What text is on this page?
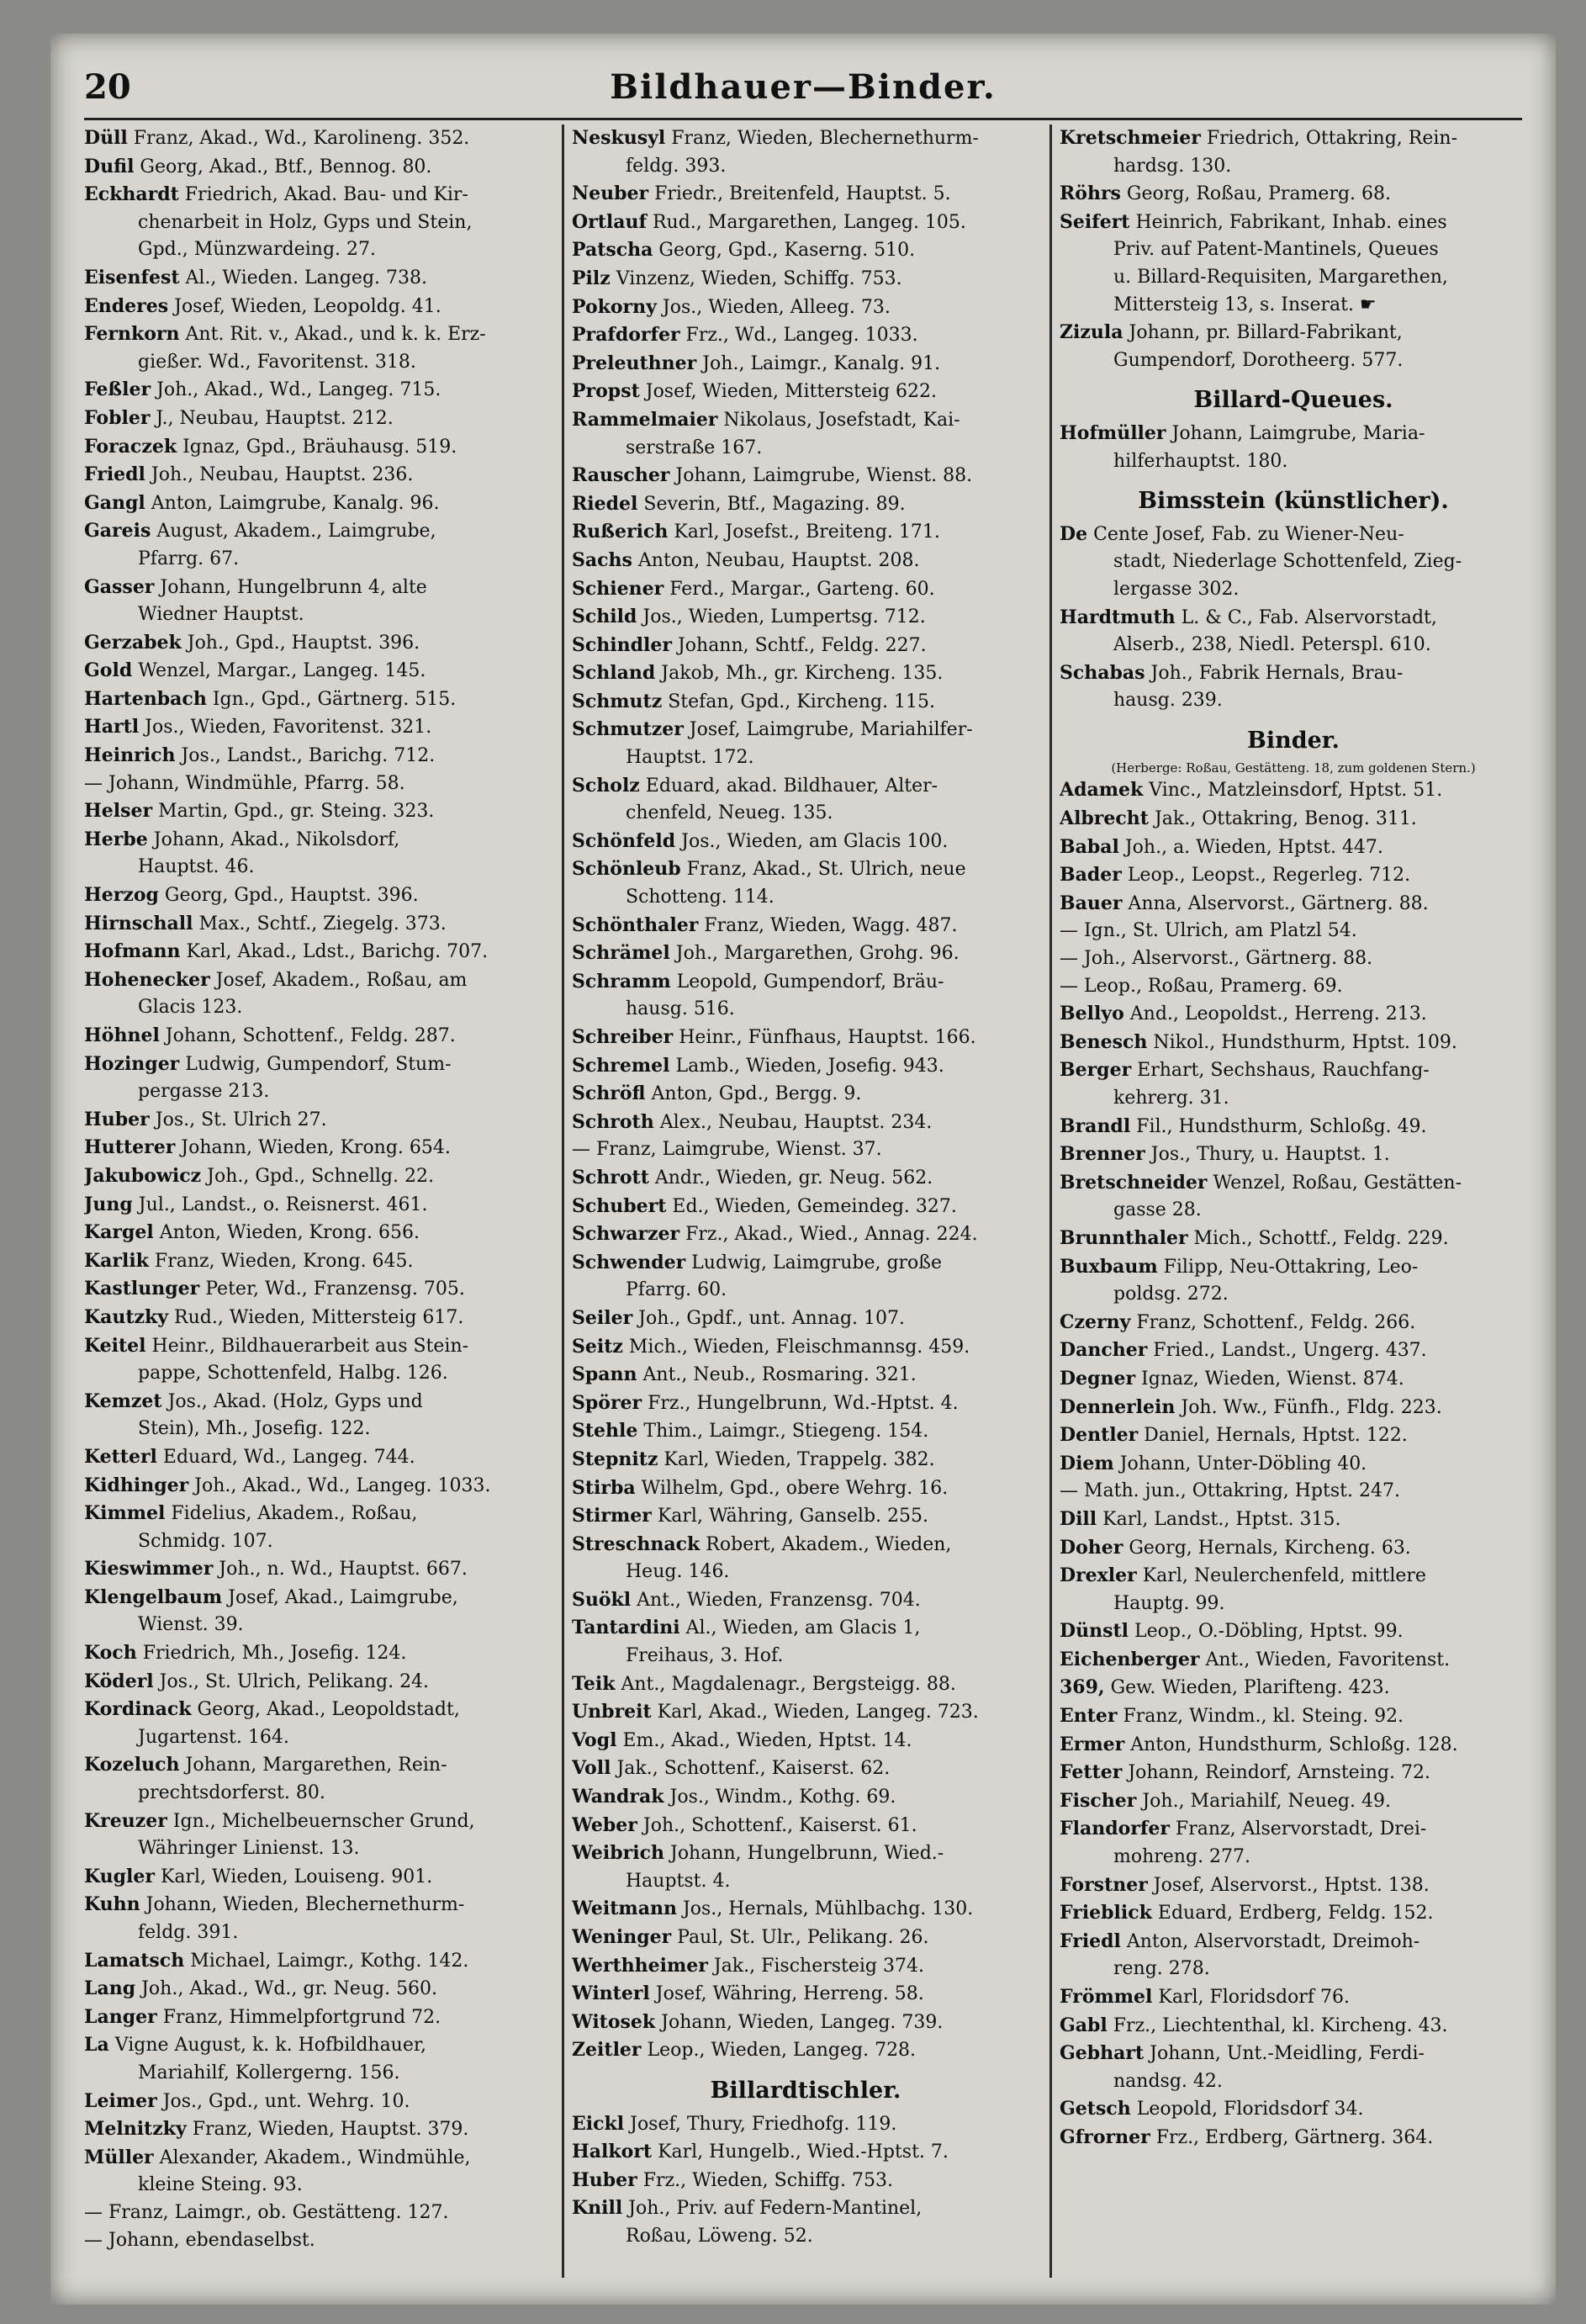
20	Bildhauer—Binder.
Düll Franz, Akad., Wd., Karolineng. 352.
Dufil Georg, Akad., Btf., Bennog. 80.
Eckhardt Friedrich, Akad. Bau- und Kir-
chenarbeit in Holz, Gyps und Stein,
Gpd., Münzwardeing. 27.
Eisenfest Al., Wieden. Langeg. 738.
Enderes Josef, Wieden, Leopoldg. 41.
Fernkorn Ant. Rit. v., Akad., und k. k. Erz-
gießer. Wd., Favoritenst. 318.
Feßler Joh., Akad., Wd., Langeg. 715.
Fobler J., Neubau, Hauptst. 212.
Foraczek Ignaz, Gpd., Bräuhausg. 519.
Friedl Joh., Neubau, Hauptst. 236.
Gangl Anton, Laimgrube, Kanalg. 96.
Gareis August, Akadem., Laimgrube,
Pfarrg. 67.
Gasser Johann, Hungelbrunn 4, alte
Wiedner Hauptst.
Gerzabek Joh., Gpd., Hauptst. 396.
Gold Wenzel, Margar., Langeg. 145.
Hartenbach Ign., Gpd., Gärtnerg. 515.
Hartl Jos., Wieden, Favoritenst. 321.
Heinrich Jos., Landst., Barichg. 712.
— Johann, Windmühle, Pfarrg. 58.
Helser Martin, Gpd., gr. Steing. 323.
Herbe Johann, Akad., Nikolsdorf,
Hauptst. 46.
Herzog Georg, Gpd., Hauptst. 396.
Hirnschall Max., Schtf., Ziegelg. 373.
Hofmann Karl, Akad., Ldst., Barichg. 707.
Hohenecker Josef, Akadem., Roßau, am
Glacis 123.
Höhnel Johann, Schottenf., Feldg. 287.
Hozinger Ludwig, Gumpendorf, Stum-
pergasse 213.
Huber Jos., St. Ulrich 27.
Hutterer Johann, Wieden, Krong. 654.
Jakubowicz Joh., Gpd., Schnellg. 22.
Jung Jul., Landst., o. Reisnerst. 461.
Kargel Anton, Wieden, Krong. 656.
Karlik Franz, Wieden, Krong. 645.
Kastlunger Peter, Wd., Franzensg. 705.
Kautzky Rud., Wieden, Mittersteig 617.
Keitel Heinr., Bildhauerarbeit aus Stein-
pappe, Schottenfeld, Halbg. 126.
Kemzet Jos., Akad. (Holz, Gyps und
Stein), Mh., Josefig. 122.
Ketterl Eduard, Wd., Langeg. 744.
Kidhinger Joh., Akad., Wd., Langeg. 1033.
Kimmel Fidelius, Akadem., Roßau,
Schmidg. 107.
Kieswimmer Joh., n. Wd., Hauptst. 667.
Klengelbaum Josef, Akad., Laimgrube,
Wienst. 39.
Koch Friedrich, Mh., Josefig. 124.
Köderl Jos., St. Ulrich, Pelikang. 24.
Kordinack Georg, Akad., Leopoldstadt,
Jugartenst. 164.
Kozeluch Johann, Margarethen, Rein-
prechtsdorferst. 80.
Kreuzer Ign., Michelbeuernscher Grund,
Währinger Linienst. 13.
Kugler Karl, Wieden, Louiseng. 901.
Kuhn Johann, Wieden, Blechernethurm-
feldg. 391.
Lamatsch Michael, Laimgr., Kothg. 142.
Lang Joh., Akad., Wd., gr. Neug. 560.
Langer Franz, Himmelpfortgrund 72.
La Vigne August, k. k. Hofbildhauer,
Mariahilf, Kollergerng. 156.
Leimer Jos., Gpd., unt. Wehrg. 10.
Melnitzky Franz, Wieden, Hauptst. 379.
Müller Alexander, Akadem., Windmühle,
kleine Steing. 93.
— Franz, Laimgr., ob. Gestätteng. 127.
— Johann, ebendaselbst.
Neskusyl Franz, Wieden, Blechernethurm-
feldg. 393.
Neuber Friedr., Breitenfeld, Hauptst. 5.
Ortlauf Rud., Margarethen, Langeg. 105.
Patscha Georg, Gpd., Kaserng. 510.
Pilz Vinzenz, Wieden, Schiffg. 753.
Pokorny Jos., Wieden, Alleeg. 73.
Prafdorfer Frz., Wd., Langeg. 1033.
Preleuthner Joh., Laimgr., Kanalg. 91.
Propst Josef, Wieden, Mittersteig 622.
Rammelmaier Nikolaus, Josefstadt, Kai-
serstraße 167.
Rauscher Johann, Laimgrube, Wienst. 88.
Riedel Severin, Btf., Magazing. 89.
Rußerich Karl, Josefst., Breiteng. 171.
Sachs Anton, Neubau, Hauptst. 208.
Schiener Ferd., Margar., Garteng. 60.
Schild Jos., Wieden, Lumpertsg. 712.
Schindler Johann, Schtf., Feldg. 227.
Schland Jakob, Mh., gr. Kircheng. 135.
Schmutz Stefan, Gpd., Kircheng. 115.
Schmutzer Josef, Laimgrube, Mariahilfer-
Hauptst. 172.
Scholz Eduard, akad. Bildhauer, Alter-
chenfeld, Neueg. 135.
Schönfeld Jos., Wieden, am Glacis 100.
Schönleub Franz, Akad., St. Ulrich, neue
Schotteng. 114.
Schönthaler Franz, Wieden, Wagg. 487.
Schrämel Joh., Margarethen, Grohg. 96.
Schramm Leopold, Gumpendorf, Bräu-
hausg. 516.
Schreiber Heinr., Fünfhaus, Hauptst. 166.
Schremel Lamb., Wieden, Josefig. 943.
Schröfl Anton, Gpd., Bergg. 9.
Schroth Alex., Neubau, Hauptst. 234.
— Franz, Laimgrube, Wienst. 37.
Schrott Andr., Wieden, gr. Neug. 562.
Schubert Ed., Wieden, Gemeindeg. 327.
Schwarzer Frz., Akad., Wied., Annag. 224.
Schwender Ludwig, Laimgrube, große
Pfarrg. 60.
Seiler Joh., Gpdf., unt. Annag. 107.
Seitz Mich., Wieden, Fleischmannsg. 459.
Spann Ant., Neub., Rosmaring. 321.
Spörer Frz., Hungelbrunn, Wd.-Hptst. 4.
Stehle Thim., Laimgr., Stiegeng. 154.
Stepnitz Karl, Wieden, Trappelg. 382.
Stirba Wilhelm, Gpd., obere Wehrg. 16.
Stirmer Karl, Währing, Ganselb. 255.
Streschnack Robert, Akadem., Wieden,
Heug. 146.
Suökl Ant., Wieden, Franzensg. 704.
Tantardini Al., Wieden, am Glacis 1,
Freihaus, 3. Hof.
Teik Ant., Magdalenagr., Bergsteigg. 88.
Unbreit Karl, Akad., Wieden, Langeg. 723.
Vogl Em., Akad., Wieden, Hptst. 14.
Voll Jak., Schottenf., Kaiserst. 62.
Wandrak Jos., Windm., Kothg. 69.
Weber Joh., Schottenf., Kaiserst. 61.
Weibrich Johann, Hungelbrunn, Wied.-
Hauptst. 4.
Weitmann Jos., Hernals, Mühlbachg. 130.
Weninger Paul, St. Ulr., Pelikang. 26.
Werthheimer Jak., Fischersteig 374.
Winterl Josef, Währing, Herreng. 58.
Witosek Johann, Wieden, Langeg. 739.
Zeitler Leop., Wieden, Langeg. 728.
Billardtischler.
Eickl Josef, Thury, Friedhofg. 119.
Halkort Karl, Hungelb., Wied.-Hptst. 7.
Huber Frz., Wieden, Schiffg. 753.
Knill Joh., Priv. auf Federn-Mantinel,
Roßau, Löweng. 52.
Kretschmeier Friedrich, Ottakring, Rein-
hardsg. 130.
Röhrs Georg, Roßau, Pramerg. 68.
Seifert Heinrich, Fabrikant, Inhab. eines
Priv. auf Patent-Mantinels, Queues
u. Billard-Requisiten, Margarethen,
Mittersteig 13, s. Inserat. ☛
Zizula Johann, pr. Billard-Fabrikant,
Gumpendorf, Dorotheerg. 577.
Billard-Queues.
Hofmüller Johann, Laimgrube, Maria-
hilferhauptst. 180.
Bimsstein (künstlicher).
De Cente Josef, Fab. zu Wiener-Neu-
stadt, Niederlage Schottenfeld, Zieg-
lergasse 302.
Hardtmuth L. & C., Fab. Alservorstadt,
Alserb., 238, Niedl. Peterspl. 610.
Schabas Joh., Fabrik Hernals, Brau-
hausg. 239.
Binder.
(Herberge: Roßau, Gestätteng. 18, zum goldenen Stern.)
Adamek Vinc., Matzleinsdorf, Hptst. 51.
Albrecht Jak., Ottakring, Benog. 311.
Babal Joh., a. Wieden, Hptst. 447.
Bader Leop., Leopst., Regerleg. 712.
Bauer Anna, Alservorst., Gärtnerg. 88.
— Ign., St. Ulrich, am Platzl 54.
— Joh., Alservorst., Gärtnerg. 88.
— Leop., Roßau, Pramerg. 69.
Bellyo And., Leopoldst., Herreng. 213.
Benesch Nikol., Hundsthurm, Hptst. 109.
Berger Erhart, Sechshaus, Rauchfang-
kehrerg. 31.
Brandl Fil., Hundsthurm, Schloßg. 49.
Brenner Jos., Thury, u. Hauptst. 1.
Bretschneider Wenzel, Roßau, Gestätten-
gasse 28.
Brunnthaler Mich., Schottf., Feldg. 229.
Buxbaum Filipp, Neu-Ottakring, Leo-
poldsg. 272.
Czerny Franz, Schottenf., Feldg. 266.
Dancher Fried., Landst., Ungerg. 437.
Degner Ignaz, Wieden, Wienst. 874.
Dennerlein Joh. Ww., Fünfh., Fldg. 223.
Dentler Daniel, Hernals, Hptst. 122.
Diem Johann, Unter-Döbling 40.
— Math. jun., Ottakring, Hptst. 247.
Dill Karl, Landst., Hptst. 315.
Doher Georg, Hernals, Kircheng. 63.
Drexler Karl, Neulerchenfeld, mittlere
Hauptg. 99.
Dünstl Leop., O.-Döbling, Hptst. 99.
Eichenberger Ant., Wieden, Favoritenst.
369, Gew. Wieden, Plarifteng. 423.
Enter Franz, Windm., kl. Steing. 92.
Ermer Anton, Hundsthurm, Schloßg. 128.
Fetter Johann, Reindorf, Arnsteing. 72.
Fischer Joh., Mariahilf, Neueg. 49.
Flandorfer Franz, Alservorstadt, Drei-
mohreng. 277.
Forstner Josef, Alservorst., Hptst. 138.
Frieblick Eduard, Erdberg, Feldg. 152.
Friedl Anton, Alservorstadt, Dreimoh-
reng. 278.
Frömmel Karl, Floridsdorf 76.
Gabl Frz., Liechtenthal, kl. Kircheng. 43.
Gebhart Johann, Unt.-Meidling, Ferdi-
nandsg. 42.
Getsch Leopold, Floridsdorf 34.
Gfrorner Frz., Erdberg, Gärtnerg. 364.
